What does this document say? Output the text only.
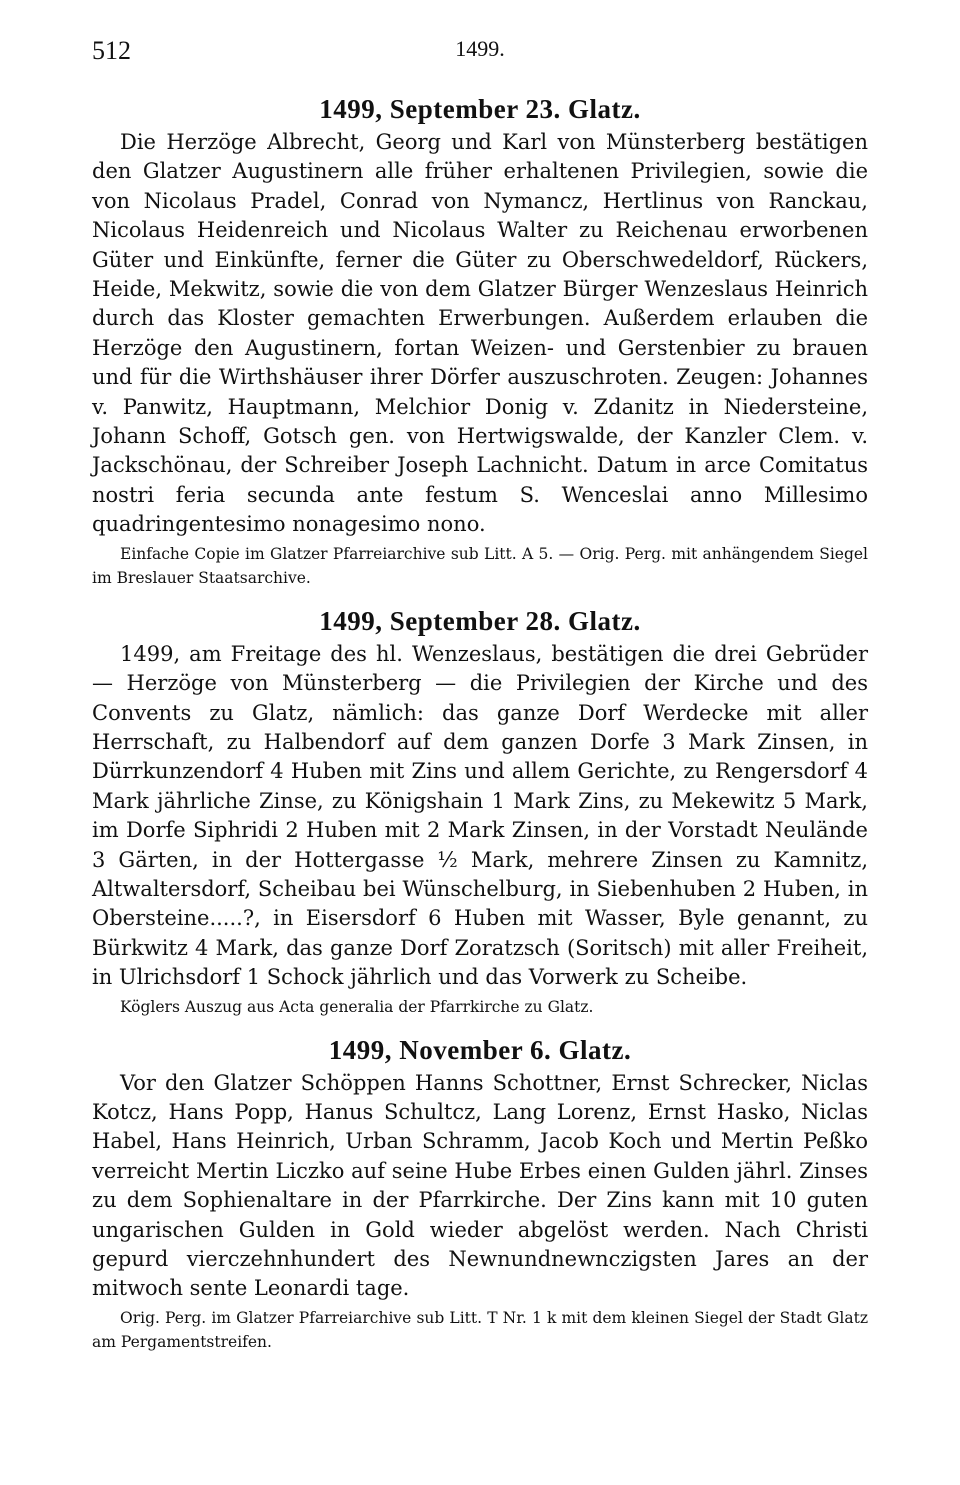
512	1499.
1499, September 23. Glatz.

Die Herzöge Albrecht, Georg und Karl von Münsterberg bestätigen den Glatzer Augustinern alle früher erhaltenen Privilegien, sowie die von Nicolaus Pradel, Conrad von Nymancz, Hertlinus von Ranckau, Nicolaus Heidenreich und Nicolaus Walter zu Reichenau erworbenen Güter und Einkünfte, ferner die Güter zu Oberschwedeldorf, Rückers, Heide, Mekwitz, sowie die von dem Glatzer Bürger Wenzeslaus Heinrich durch das Kloster gemachten Erwerbungen. Außerdem erlauben die Herzöge den Augustinern, fortan Weizen- und Gerstenbier zu brauen und für die Wirthshäuser ihrer Dörfer auszuschroten. Zeugen: Johannes v. Panwitz, Hauptmann, Melchior Donig v. Zdanitz in Niedersteine, Johann Schoff, Gotsch gen. von Hertwigswalde, der Kanzler Clem. v. Jackschönau, der Schreiber Joseph Lachnicht. Datum in arce Comitatus nostri feria secunda ante festum S. Wenceslai anno Millesimo quadringentesimo nonagesimo nono.

Einfache Copie im Glatzer Pfarreiarchive sub Litt. A 5. — Orig. Perg. mit anhängendem Siegel im Breslauer Staatsarchive.

1499, September 28. Glatz.

1499, am Freitage des hl. Wenzeslaus, bestätigen die drei Gebrüder — Herzöge von Münsterberg — die Privilegien der Kirche und des Convents zu Glatz, nämlich: das ganze Dorf Werdecke mit aller Herrschaft, zu Halbendorf auf dem ganzen Dorfe 3 Mark Zinsen, in Dürrkunzendorf 4 Huben mit Zins und allem Gerichte, zu Rengersdorf 4 Mark jährliche Zinse, zu Königshain 1 Mark Zins, zu Mekewitz 5 Mark, im Dorfe Siphridi 2 Huben mit 2 Mark Zinsen, in der Vorstadt Neulände 3 Gärten, in der Hottergasse ½ Mark, mehrere Zinsen zu Kamnitz, Altwaltersdorf, Scheibau bei Wünschelburg, in Siebenhuben 2 Huben, in Obersteine.....?, in Eisersdorf 6 Huben mit Wasser, Byle genannt, zu Bürkwitz 4 Mark, das ganze Dorf Zoratzsch (Soritsch) mit aller Freiheit, in Ulrichsdorf 1 Schock jährlich und das Vorwerk zu Scheibe.

Köglers Auszug aus Acta generalia der Pfarrkirche zu Glatz.

1499, November 6. Glatz.

Vor den Glatzer Schöppen Hanns Schottner, Ernst Schrecker, Niclas Kotcz, Hans Popp, Hanus Schultcz, Lang Lorenz, Ernst Hasko, Niclas Habel, Hans Heinrich, Urban Schramm, Jacob Koch und Mertin Peßko verreicht Mertin Liczko auf seine Hube Erbes einen Gulden jährl. Zinses zu dem Sophienaltare in der Pfarrkirche. Der Zins kann mit 10 guten ungarischen Gulden in Gold wieder abgelöst werden. Nach Christi gepurd vierczehnhundert des Newnundnewnczigsten Jares an der mitwoch sente Leonardi tage.

Orig. Perg. im Glatzer Pfarreiarchive sub Litt. T Nr. 1 k mit dem kleinen Siegel der Stadt Glatz am Pergamentstreifen.
